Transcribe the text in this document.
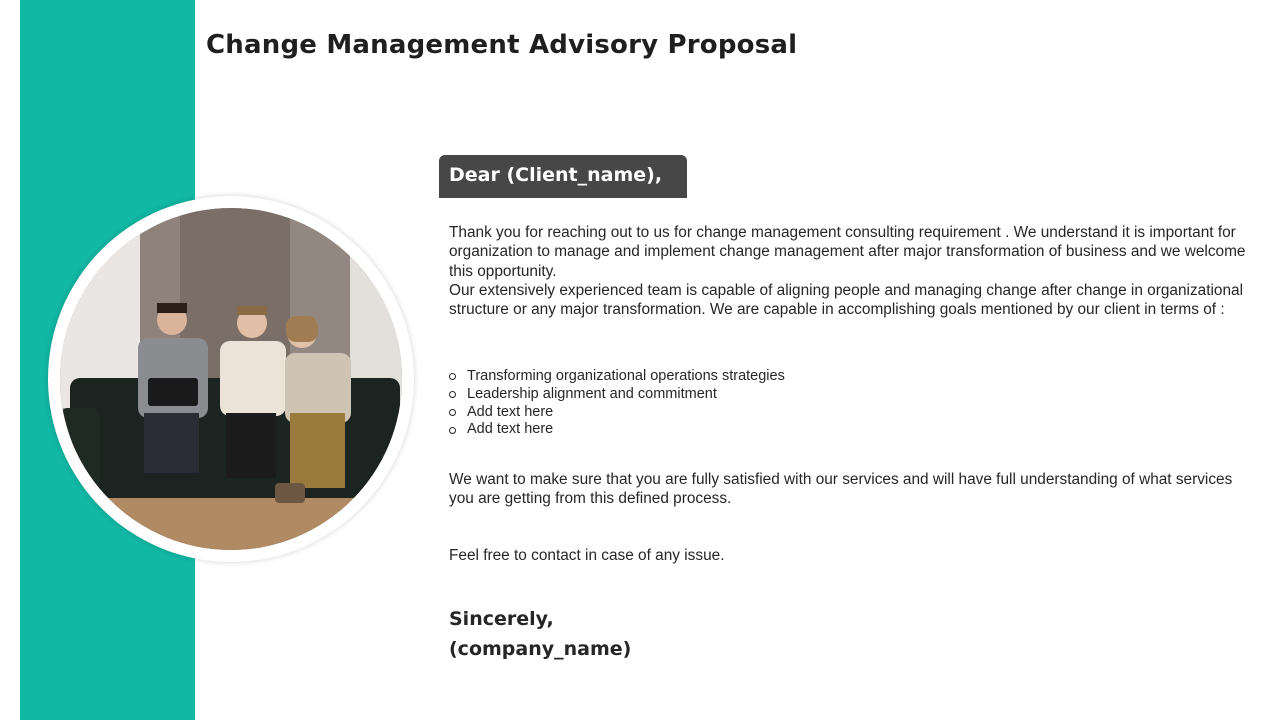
Change Management Advisory Proposal
Dear (Client_name),
Thank you for reaching out to us for change management consulting requirement . We understand it is important for organization to manage and implement change management after major transformation of business and we welcome this opportunity.
Our extensively experienced team is capable of aligning people and managing change after change in organizational structure or any major transformation. We are capable in accomplishing goals mentioned by our client in terms of :
Transforming organizational operations strategies
Leadership alignment and commitment
Add text here
Add text here
We want to make sure that you are fully satisfied with our services and will have full understanding of what services you are getting from this defined process.
Feel free to contact in case of any issue.
Sincerely,
(company_name)
